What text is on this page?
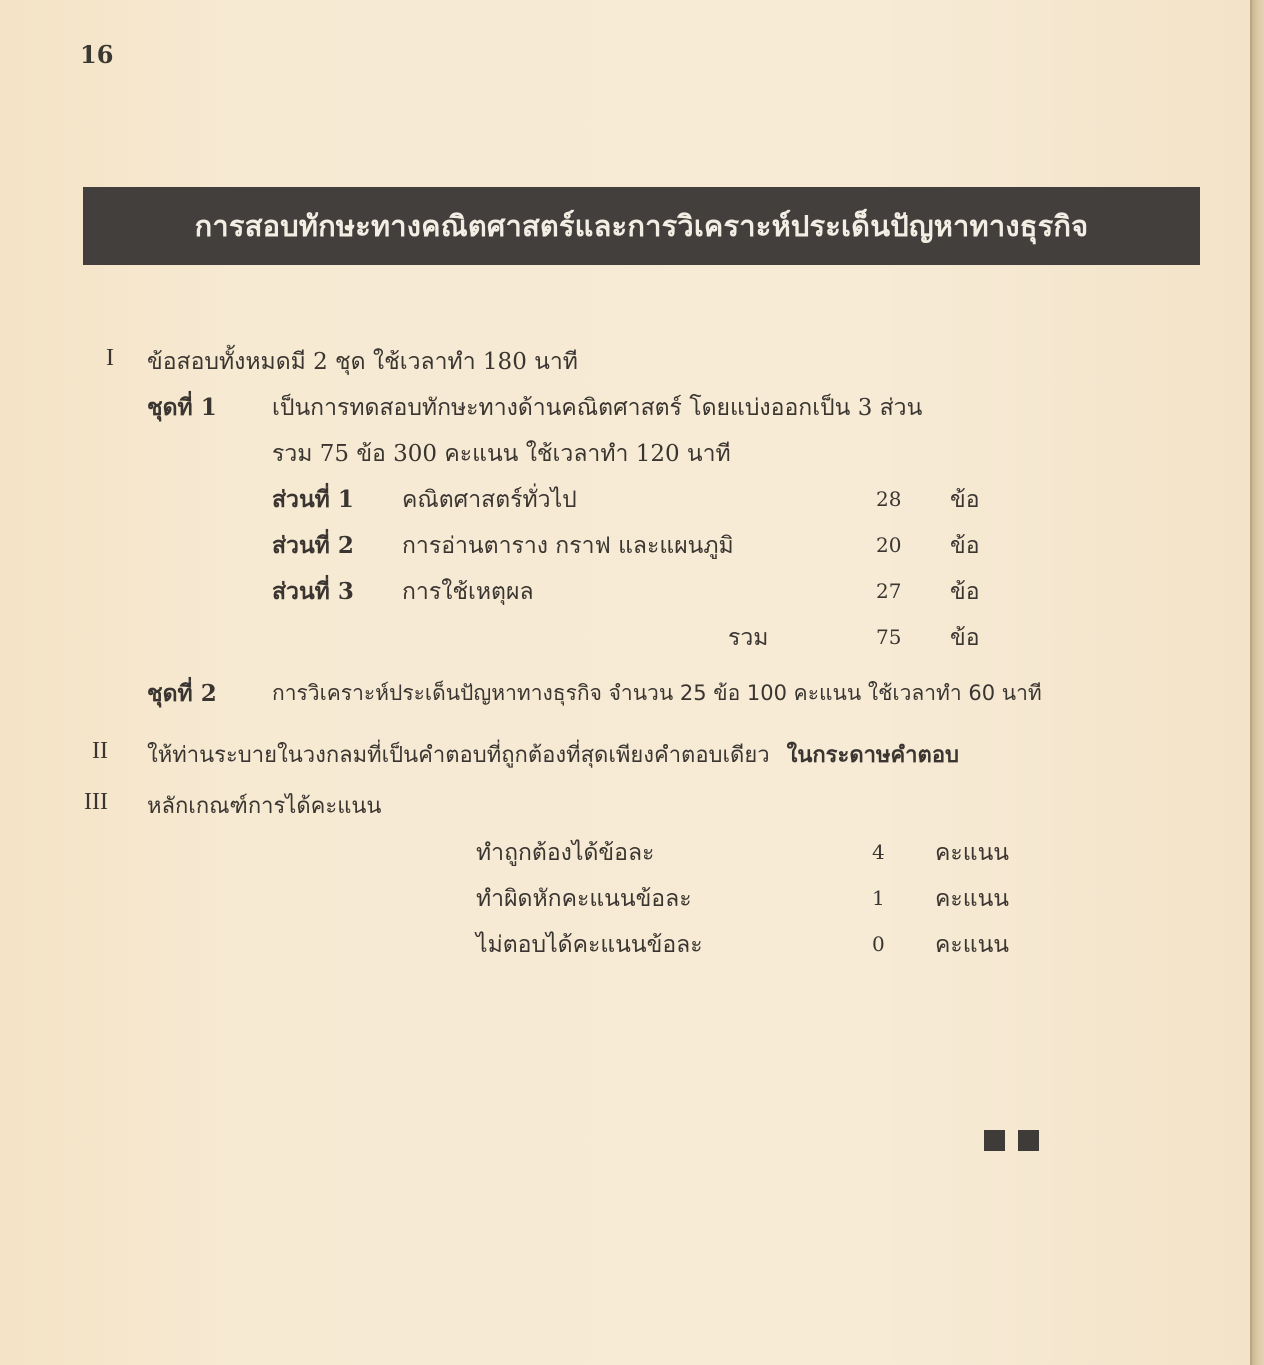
16
การสอบทักษะทางคณิตศาสตร์และการวิเคราะห์ประเด็นปัญหาทางธุรกิจ
I ข้อสอบทั้งหมดมี 2 ชุด ใช้เวลาทำ 180 นาที
ชุดที่ 1 เป็นการทดสอบทักษะทางด้านคณิตศาสตร์ โดยแบ่งออกเป็น 3 ส่วน
รวม 75 ข้อ 300 คะแนน ใช้เวลาทำ 120 นาที
ส่วนที่ 1 คณิตศาสตร์ทั่วไป	28 ข้อ
ส่วนที่ 2 การอ่านตาราง กราฟ และแผนภูมิ	20 ข้อ
ส่วนที่ 3 การใช้เหตุผล	27 ข้อ
รวม	75 ข้อ
ชุดที่ 2	การวิเคราะห์ประเด็นปัญหาทางธุรกิจ จำนวน 25 ข้อ 100 คะแนน ใช้เวลาทำ 60 นาที
II ให้ท่านระบายในวงกลมที่เป็นคำตอบที่ถูกต้องที่สุดเพียงคำตอบเดียว ในกระดาษคำตอบ
III หลักเกณฑ์การได้คะแนน
ทำถูกต้องได้ข้อละ	4 คะแนน
ทำผิดหักคะแนนข้อละ	1 คะแนน
ไม่ตอบได้คะแนนข้อละ	0 คะแนน
